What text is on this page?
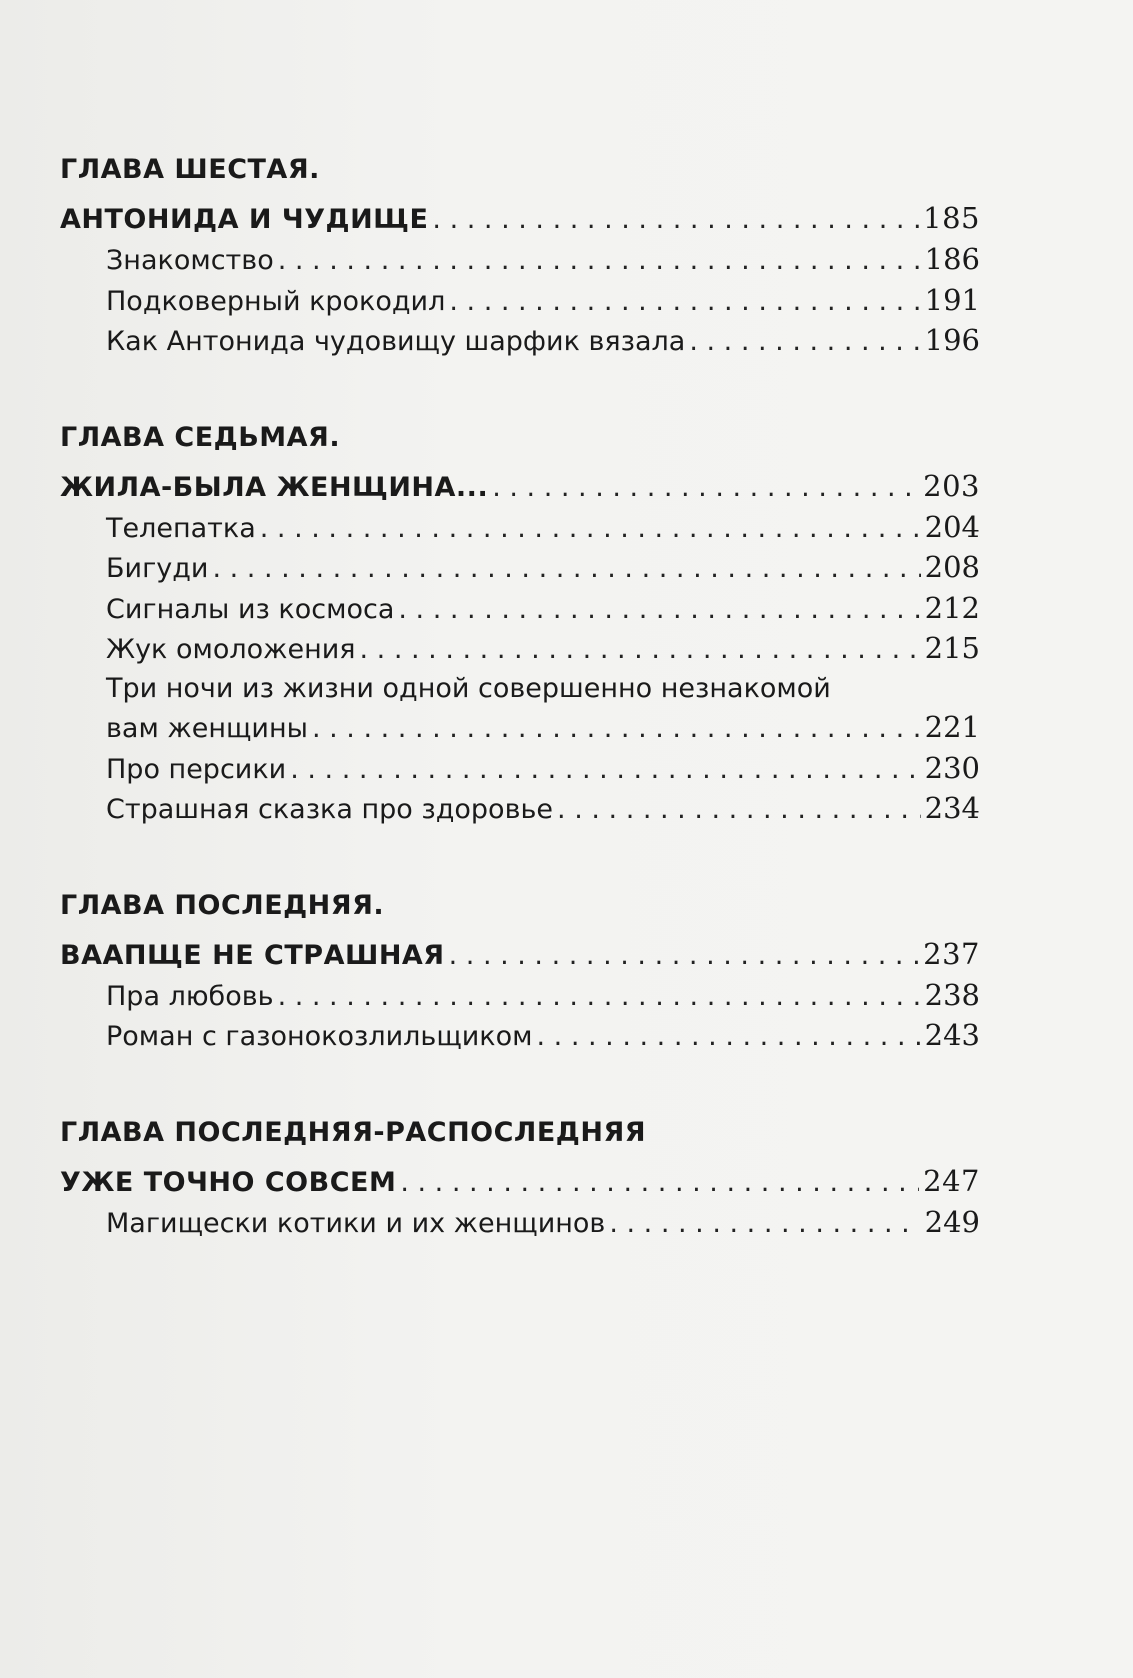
ГЛАВА ШЕСТАЯ.
АНТОНИДА И ЧУДИЩЕ . . .	185
Знакомство . . .	186
Подковерный крокодил . . .	191
Как Антонида чудовищу шарфик вязала . . .	196
ГЛАВА СЕДЬМАЯ.
ЖИЛА-БЫЛА ЖЕНЩИНА... . . .	203
Телепатка . . .	204
Бигуди . . .	208
Сигналы из космоса . . .	212
Жук омоложения . . .	215
Три ночи из жизни одной совершенно незнакомой
вам женщины . . .	221
Про персики . . .	230
Страшная сказка про здоровье . . .	234
ГЛАВА ПОСЛЕДНЯЯ.
ВААПЩЕ НЕ СТРАШНАЯ . . .	237
Пра любовь . . .	238
Роман с газонокозлильщиком . . .	243
ГЛАВА ПОСЛЕДНЯЯ-РАСПОСЛЕДНЯЯ
УЖЕ ТОЧНО СОВСЕМ . . .	247
Магищески котики и их женщинов . . .	249
